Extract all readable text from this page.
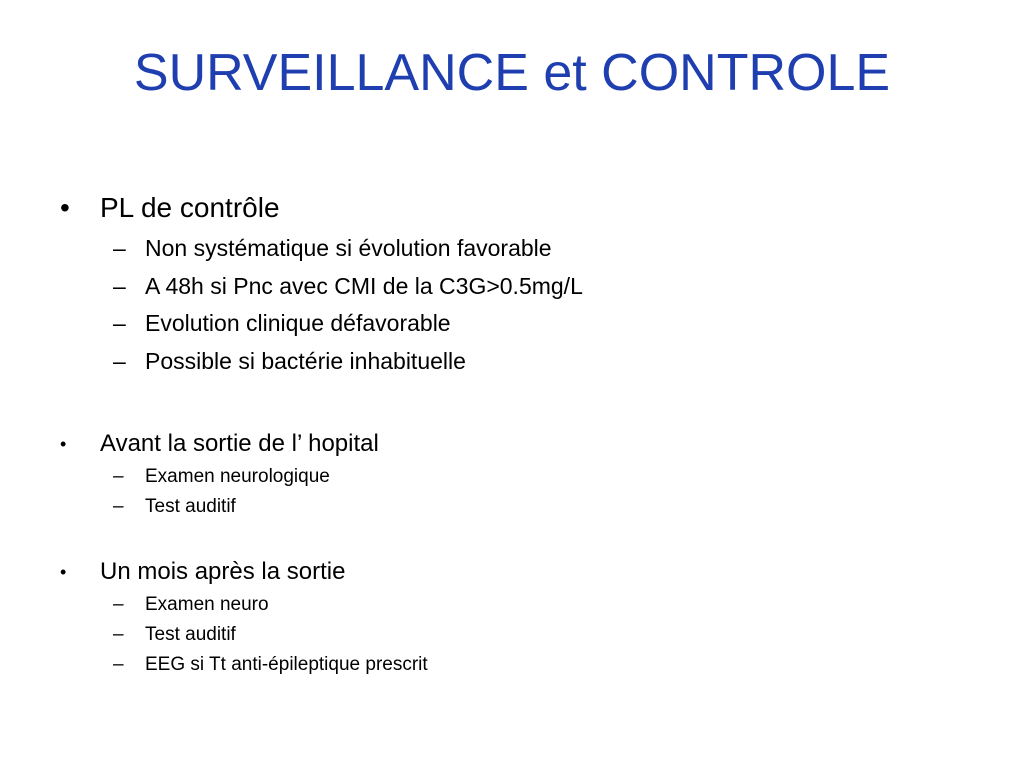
SURVEILLANCE et CONTROLE
• PL de contrôle
– Non systématique si évolution favorable
– A 48h si Pnc avec CMI de la C3G>0.5mg/L
– Evolution clinique défavorable
– Possible si bactérie inhabituelle
• Avant la sortie de l’ hopital
– Examen neurologique
– Test auditif
• Un mois après la sortie
– Examen neuro
– Test auditif
– EEG si Tt anti-épileptique prescrit
